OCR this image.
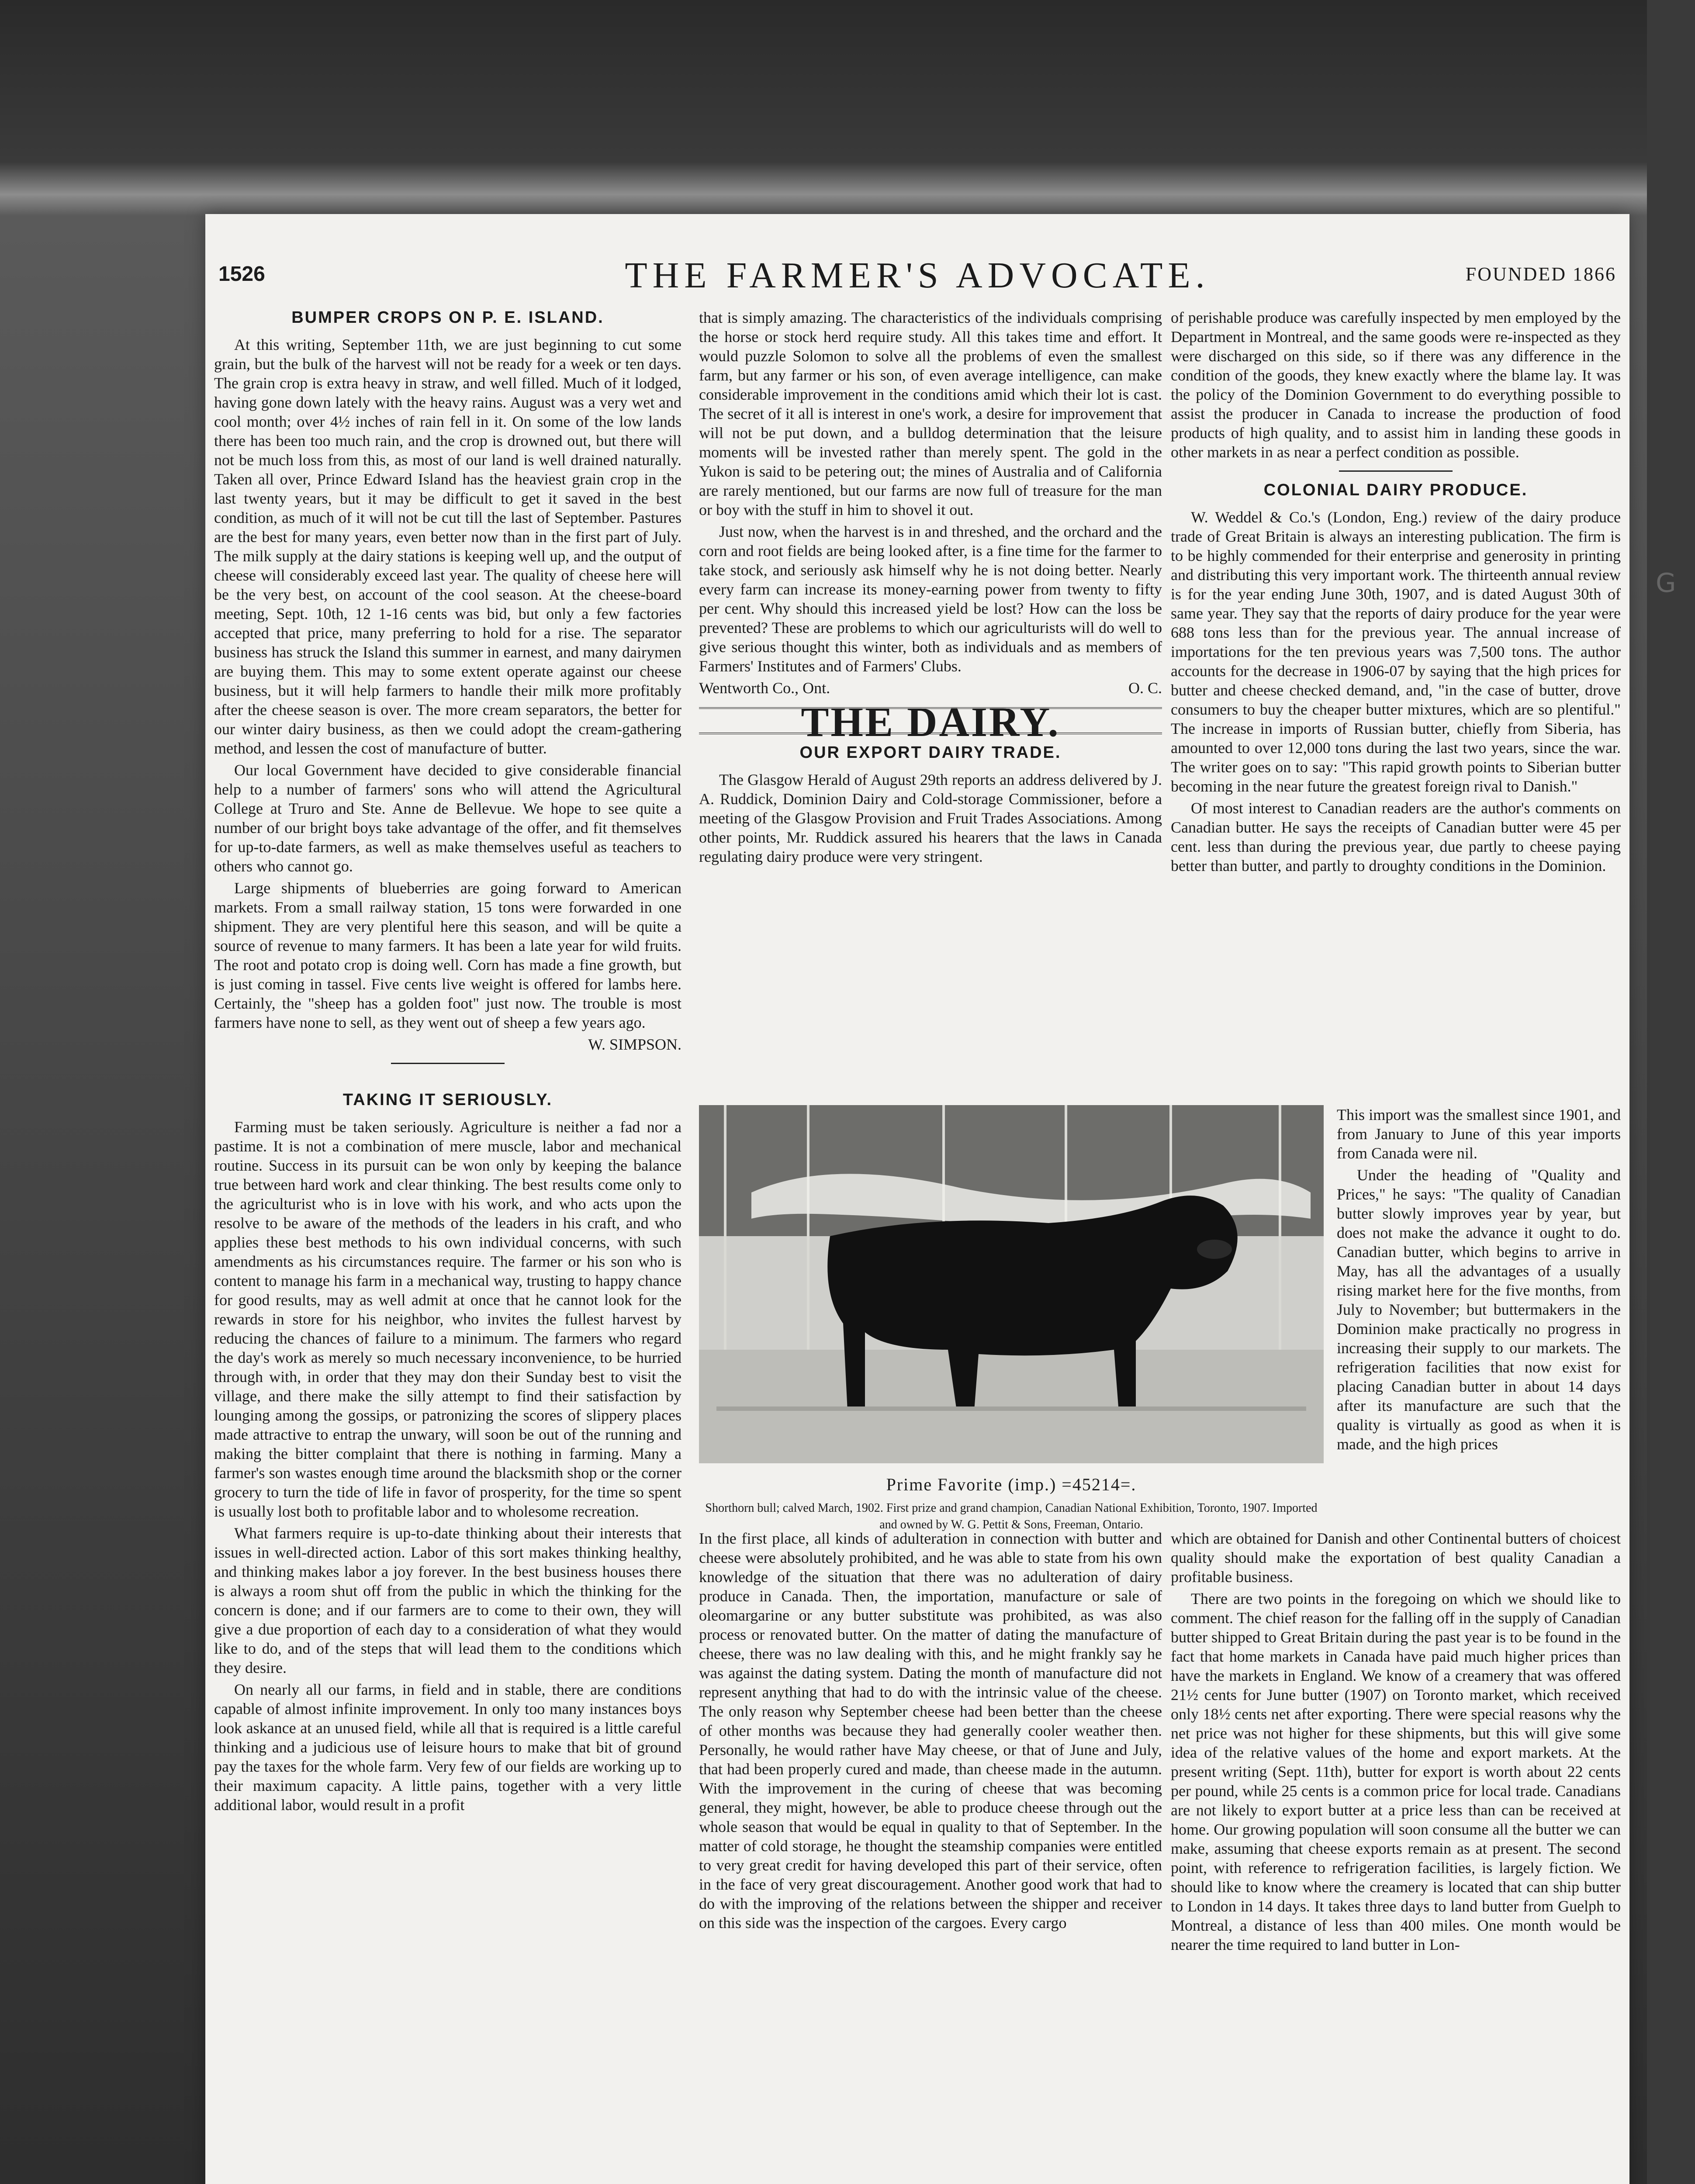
1526	THE FARMER'S ADVOCATE.	FOUNDED 1866
BUMPER CROPS ON P. E. ISLAND.

At this writing, September 11th, we are just beginning to cut some grain, but the bulk of the harvest will not be ready for a week or ten days. The grain crop is extra heavy in straw, and well filled. Much of it lodged, having gone down lately with the heavy rains. August was a very wet and cool month; over 4½ inches of rain fell in it. On some of the low lands there has been too much rain, and the crop is drowned out, but there will not be much loss from this, as most of our land is well drained naturally. Taken all over, Prince Edward Island has the heaviest grain crop in the last twenty years, but it may be difficult to get it saved in the best condition, as much of it will not be cut till the last of September. Pastures are the best for many years, even better now than in the first part of July. The milk supply at the dairy stations is keeping well up, and the output of cheese will considerably exceed last year. The quality of cheese here will be the very best, on account of the cool season. At the cheese-board meeting, Sept. 10th, 12 1-16 cents was bid, but only a few factories accepted that price, many preferring to hold for a rise. The separator business has struck the Island this summer in earnest, and many dairymen are buying them. This may to some extent operate against our cheese business, but it will help farmers to handle their milk more profitably after the cheese season is over. The more cream separators, the better for our winter dairy business, as then we could adopt the cream-gathering method, and lessen the cost of manufacture of butter.

Our local Government have decided to give considerable financial help to a number of farmers' sons who will attend the Agricultural College at Truro and Ste. Anne de Bellevue. We hope to see quite a number of our bright boys take advantage of the offer, and fit themselves for up-to-date farmers, as well as make themselves useful as teachers to others who cannot go.

Large shipments of blueberries are going forward to American markets. From a small railway station, 15 tons were forwarded in one shipment. They are very plentiful here this season, and will be quite a source of revenue to many farmers. It has been a late year for wild fruits. The root and potato crop is doing well. Corn has made a fine growth, but is just coming in tassel. Five cents live weight is offered for lambs here. Certainly, the "sheep has a golden foot" just now. The trouble is most farmers have none to sell, as they went out of sheep a few years ago.

W. SIMPSON.

TAKING IT SERIOUSLY.

Farming must be taken seriously. Agriculture is neither a fad nor a pastime. It is not a combination of mere muscle, labor and mechanical routine. Success in its pursuit can be won only by keeping the balance true between hard work and clear thinking. The best results come only to the agriculturist who is in love with his work, and who acts upon the resolve to be aware of the methods of the leaders in his craft, and who applies these best methods to his own individual concerns, with such amendments as his circumstances require. The farmer or his son who is content to manage his farm in a mechanical way, trusting to happy chance for good results, may as well admit at once that he cannot look for the rewards in store for his neighbor, who invites the fullest harvest by reducing the chances of failure to a minimum. The farmers who regard the day's work as merely so much necessary inconvenience, to be hurried through with, in order that they may don their Sunday best to visit the village, and there make the silly attempt to find their satisfaction by lounging among the gossips, or patronizing the scores of slippery places made attractive to entrap the unwary, will soon be out of the running and making the bitter complaint that there is nothing in farming. Many a farmer's son wastes enough time around the blacksmith shop or the corner grocery to turn the tide of life in favor of prosperity, for the time so spent is usually lost both to profitable labor and to wholesome recreation.

What farmers require is up-to-date thinking about their interests that issues in well-directed action. Labor of this sort makes thinking healthy, and thinking makes labor a joy forever. In the best business houses there is always a room shut off from the public in which the thinking for the concern is done; and if our farmers are to come to their own, they will give a due proportion of each day to a consideration of what they would like to do, and of the steps that will lead them to the conditions which they desire.

On nearly all our farms, in field and in stable, there are conditions capable of almost infinite improvement. In only too many instances boys look askance at an unused field, while all that is required is a little careful thinking and a judicious use of leisure hours to make that bit of ground pay the taxes for the whole farm. Very few of our fields are working up to their maximum capacity. A little pains, together with a very little additional labor, would result in a profit

that is simply amazing. The characteristics of the individuals comprising the horse or stock herd require study. All this takes time and effort. It would puzzle Solomon to solve all the problems of even the smallest farm, but any farmer or his son, of even average intelligence, can make considerable improvement in the conditions amid which their lot is cast. The secret of it all is interest in one's work, a desire for improvement that will not be put down, and a bulldog determination that the leisure moments will be invested rather than merely spent. The gold in the Yukon is said to be petering out; the mines of Australia and of California are rarely mentioned, but our farms are now full of treasure for the man or boy with the stuff in him to shovel it out.

Just now, when the harvest is in and threshed, and the orchard and the corn and root fields are being looked after, is a fine time for the farmer to take stock, and seriously ask himself why he is not doing better. Nearly every farm can increase its money-earning power from twenty to fifty per cent. Why should this increased yield be lost? How can the loss be prevented? These are problems to which our agriculturists will do well to give serious thought this winter, both as individuals and as members of Farmers' Institutes and of Farmers' Clubs.

Wentworth Co., Ont.	O. C.
THE DAIRY.
OUR EXPORT DAIRY TRADE.

The Glasgow Herald of August 29th reports an address delivered by J. A. Ruddick, Dominion Dairy and Cold-storage Commissioner, before a meeting of the Glasgow Provision and Fruit Trades Associations. Among other points, Mr. Ruddick assured his hearers that the laws in Canada regulating dairy produce were very stringent.

of perishable produce was carefully inspected by men employed by the Department in Montreal, and the same goods were re-inspected as they were discharged on this side, so if there was any difference in the condition of the goods, they knew exactly where the blame lay. It was the policy of the Dominion Government to do everything possible to assist the producer in Canada to increase the production of food products of high quality, and to assist him in landing these goods in other markets in as near a perfect condition as possible.

COLONIAL DAIRY PRODUCE.

W. Weddel & Co.'s (London, Eng.) review of the dairy produce trade of Great Britain is always an interesting publication. The firm is to be highly commended for their enterprise and generosity in printing and distributing this very important work. The thirteenth annual review is for the year ending June 30th, 1907, and is dated August 30th of same year. They say that the reports of dairy produce for the year were 688 tons less than for the previous year. The annual increase of importations for the ten previous years was 7,500 tons. The author accounts for the decrease in 1906-07 by saying that the high prices for butter and cheese checked demand, and, "in the case of butter, drove consumers to buy the cheaper butter mixtures, which are so plentiful." The increase in imports of Russian butter, chiefly from Siberia, has amounted to over 12,000 tons during the last two years, since the war. The writer goes on to say: "This rapid growth points to Siberian butter becoming in the near future the greatest foreign rival to Danish."

Of most interest to Canadian readers are the author's comments on Canadian butter. He says the receipts of Canadian butter were 45 per cent. less than during the previous year, due partly to cheese paying better than butter, and partly to droughty conditions in the Dominion.

Prime Favorite (imp.) =45214=.
Shorthorn bull; calved March, 1902. First prize and grand champion, Canadian National Exhibition, Toronto, 1907. Imported and owned by W. G. Pettit & Sons, Freeman, Ontario.

This import was the smallest since 1901, and from January to June of this year imports from Canada were nil.

Under the heading of "Quality and Prices," he says: "The quality of Canadian butter slowly improves year by year, but does not make the advance it ought to do. Canadian butter, which begins to arrive in May, has all the advantages of a usually rising market here for the five months, from July to November; but buttermakers in the Dominion make practically no progress in increasing their supply to our markets. The refrigeration facilities that now exist for placing Canadian butter in about 14 days after its manufacture are such that the quality is virtually as good as when it is made, and the high prices

In the first place, all kinds of adulteration in connection with butter and cheese were absolutely prohibited, and he was able to state from his own knowledge of the situation that there was no adulteration of dairy produce in Canada. Then, the importation, manufacture or sale of oleomargarine or any butter substitute was prohibited, as was also process or renovated butter. On the matter of dating the manufacture of cheese, there was no law dealing with this, and he might frankly say he was against the dating system. Dating the month of manufacture did not represent anything that had to do with the intrinsic value of the cheese. The only reason why September cheese had been better than the cheese of other months was because they had generally cooler weather then. Personally, he would rather have May cheese, or that of June and July, that had been properly cured and made, than cheese made in the autumn. With the improvement in the curing of cheese that was becoming general, they might, however, be able to produce cheese through out the whole season that would be equal in quality to that of September. In the matter of cold storage, he thought the steamship companies were entitled to very great credit for having developed this part of their service, often in the face of very great discouragement. Another good work that had to do with the improving of the relations between the shipper and receiver on this side was the inspection of the cargoes. Every cargo

which are obtained for Danish and other Continental butters of choicest quality should make the exportation of best quality Canadian a profitable business.

There are two points in the foregoing on which we should like to comment. The chief reason for the falling off in the supply of Canadian butter shipped to Great Britain during the past year is to be found in the fact that home markets in Canada have paid much higher prices than have the markets in England. We know of a creamery that was offered 21½ cents for June butter (1907) on Toronto market, which received only 18½ cents net after exporting. There were special reasons why the net price was not higher for these shipments, but this will give some idea of the relative values of the home and export markets. At the present writing (Sept. 11th), butter for export is worth about 22 cents per pound, while 25 cents is a common price for local trade. Canadians are not likely to export butter at a price less than can be received at home. Our growing population will soon consume all the butter we can make, assuming that cheese exports remain as at present. The second point, with reference to refrigeration facilities, is largely fiction. We should like to know where the creamery is located that can ship butter to London in 14 days. It takes three days to land butter from Guelph to Montreal, a distance of less than 400 miles. One month would be nearer the time required to land butter in Lon-

G
